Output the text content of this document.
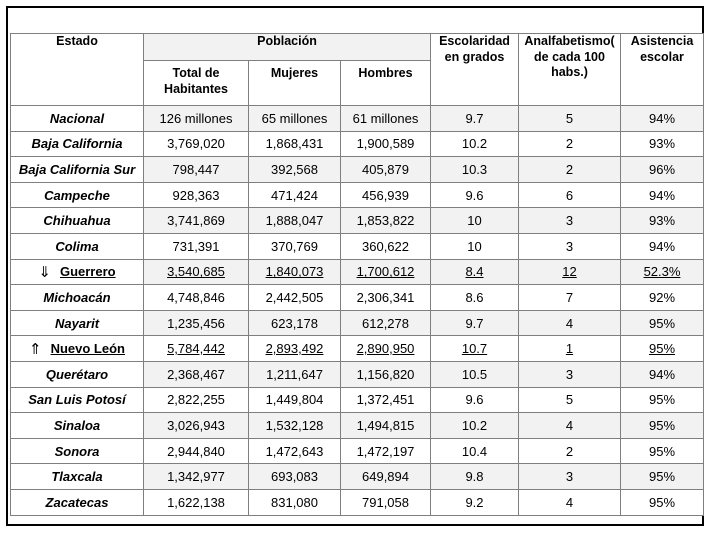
Estado	Población			Escolaridad en grados	Analfabetismo( de cada 100 habs.)	Asistencia escolar
	Total de Habitantes	Mujeres	Hombres			
Nacional	126 millones	65 millones	61 millones	9.7	5	94%
Baja California	3,769,020	1,868,431	1,900,589	10.2	2	93%
Baja California Sur	798,447	392,568	405,879	10.3	2	96%
Campeche	928,363	471,424	456,939	9.6	6	94%
Chihuahua	3,741,869	1,888,047	1,853,822	10	3	93%
Colima	731,391	370,769	360,622	10	3	94%
⇓ Guerrero	3,540,685	1,840,073	1,700,612	8.4	12	52.3%
Michoacán	4,748,846	2,442,505	2,306,341	8.6	7	92%
Nayarit	1,235,456	623,178	612,278	9.7	4	95%
⇑ Nuevo León	5,784,442	2,893,492	2,890,950	10.7	1	95%
Querétaro	2,368,467	1,211,647	1,156,820	10.5	3	94%
San Luis Potosí	2,822,255	1,449,804	1,372,451	9.6	5	95%
Sinaloa	3,026,943	1,532,128	1,494,815	10.2	4	95%
Sonora	2,944,840	1,472,643	1,472,197	10.4	2	95%
Tlaxcala	1,342,977	693,083	649,894	9.8	3	95%
Zacatecas	1,622,138	831,080	791,058	9.2	4	95%
